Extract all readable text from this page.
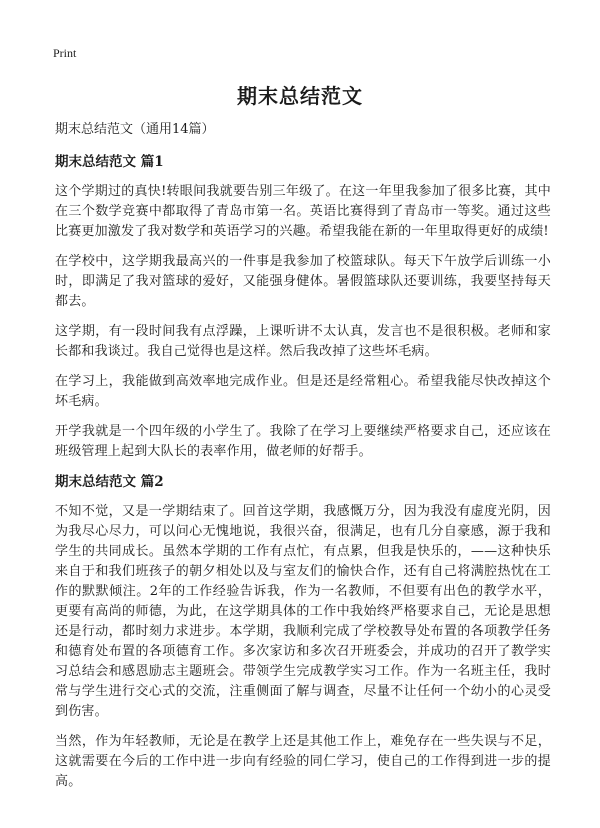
Print
期末总结范文

期末总结范文（通用14篇）

期末总结范文 篇1

这个学期过的真快!转眼间我就要告别三年级了。在这一年里我参加了很多比赛，其中在三个数学竞赛中都取得了青岛市第一名。英语比赛得到了青岛市一等奖。通过这些比赛更加激发了我对数学和英语学习的兴趣。希望我能在新的一年里取得更好的成绩!

在学校中，这学期我最高兴的一件事是我参加了校篮球队。每天下午放学后训练一小时，即满足了我对篮球的爱好，又能强身健体。暑假篮球队还要训练，我要坚持每天都去。

这学期，有一段时间我有点浮躁，上课听讲不太认真，发言也不是很积极。老师和家长都和我谈过。我自己觉得也是这样。然后我改掉了这些坏毛病。

在学习上，我能做到高效率地完成作业。但是还是经常粗心。希望我能尽快改掉这个坏毛病。

开学我就是一个四年级的小学生了。我除了在学习上要继续严格要求自己，还应该在班级管理上起到大队长的表率作用，做老师的好帮手。

期末总结范文 篇2

不知不觉，又是一学期结束了。回首这学期，我感慨万分，因为我没有虚度光阴，因为我尽心尽力，可以问心无愧地说，我很兴奋，很满足，也有几分自豪感，源于我和学生的共同成长。虽然本学期的工作有点忙，有点累，但我是快乐的，——这种快乐来自于和我们班孩子的朝夕相处以及与室友们的愉快合作，还有自己将满腔热忱在工作的默默倾注。2年的工作经验告诉我，作为一名教师，不但要有出色的教学水平，更要有高尚的师德，为此，在这学期具体的工作中我始终严格要求自己，无论是思想还是行动，都时刻力求进步。本学期，我顺利完成了学校教导处布置的各项教学任务和德育处布置的各项德育工作。多次家访和多次召开班委会，并成功的召开了教学实习总结会和感恩励志主题班会。带领学生完成教学实习工作。作为一名班主任，我时常与学生进行交心式的交流，注重侧面了解与调查，尽量不让任何一个幼小的心灵受到伤害。

当然，作为年轻教师，无论是在教学上还是其他工作上，难免存在一些失误与不足，这就需要在今后的工作中进一步向有经验的同仁学习，使自己的工作得到进一步的提高。
